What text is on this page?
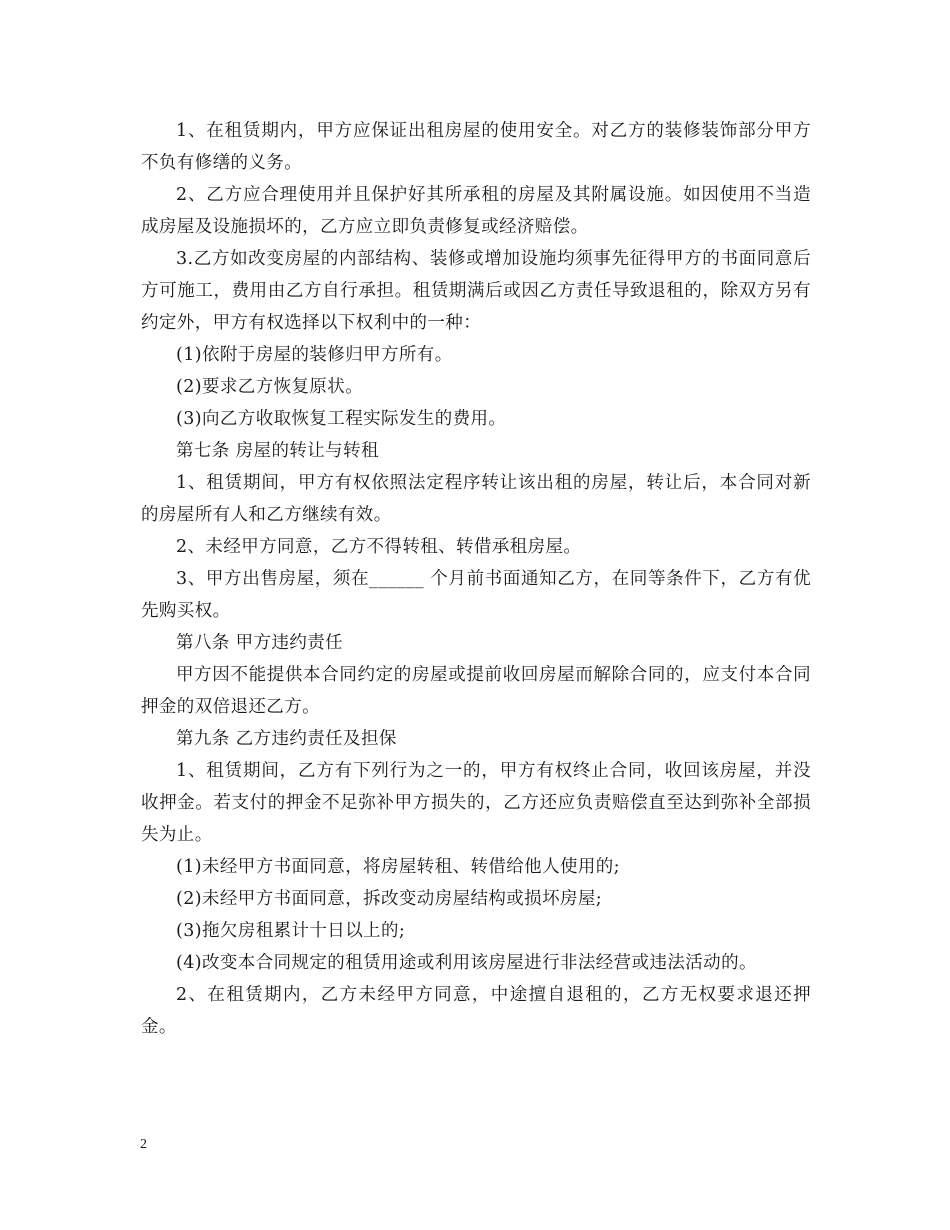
1、在租赁期内，甲方应保证出租房屋的使用安全。对乙方的装修装饰部分甲方不负有修缮的义务。

2、乙方应合理使用并且保护好其所承租的房屋及其附属设施。如因使用不当造成房屋及设施损坏的，乙方应立即负责修复或经济赔偿。

3.乙方如改变房屋的内部结构、装修或增加设施均须事先征得甲方的书面同意后方可施工，费用由乙方自行承担。租赁期满后或因乙方责任导致退租的，除双方另有约定外，甲方有权选择以下权利中的一种：

(1)依附于房屋的装修归甲方所有。

(2)要求乙方恢复原状。

(3)向乙方收取恢复工程实际发生的费用。

第七条 房屋的转让与转租

1、租赁期间，甲方有权依照法定程序转让该出租的房屋，转让后，本合同对新的房屋所有人和乙方继续有效。

2、未经甲方同意，乙方不得转租、转借承租房屋。

3、甲方出售房屋，须在______ 个月前书面通知乙方，在同等条件下，乙方有优先购买权。

第八条 甲方违约责任

甲方因不能提供本合同约定的房屋或提前收回房屋而解除合同的，应支付本合同押金的双倍退还乙方。

第九条 乙方违约责任及担保

1、租赁期间，乙方有下列行为之一的，甲方有权终止合同，收回该房屋，并没收押金。若支付的押金不足弥补甲方损失的，乙方还应负责赔偿直至达到弥补全部损失为止。

(1)未经甲方书面同意，将房屋转租、转借给他人使用的;

(2)未经甲方书面同意，拆改变动房屋结构或损坏房屋;

(3)拖欠房租累计十日以上的;

(4)改变本合同规定的租赁用途或利用该房屋进行非法经营或违法活动的。

2、在租赁期内，乙方未经甲方同意，中途擅自退租的，乙方无权要求退还押金。

2
